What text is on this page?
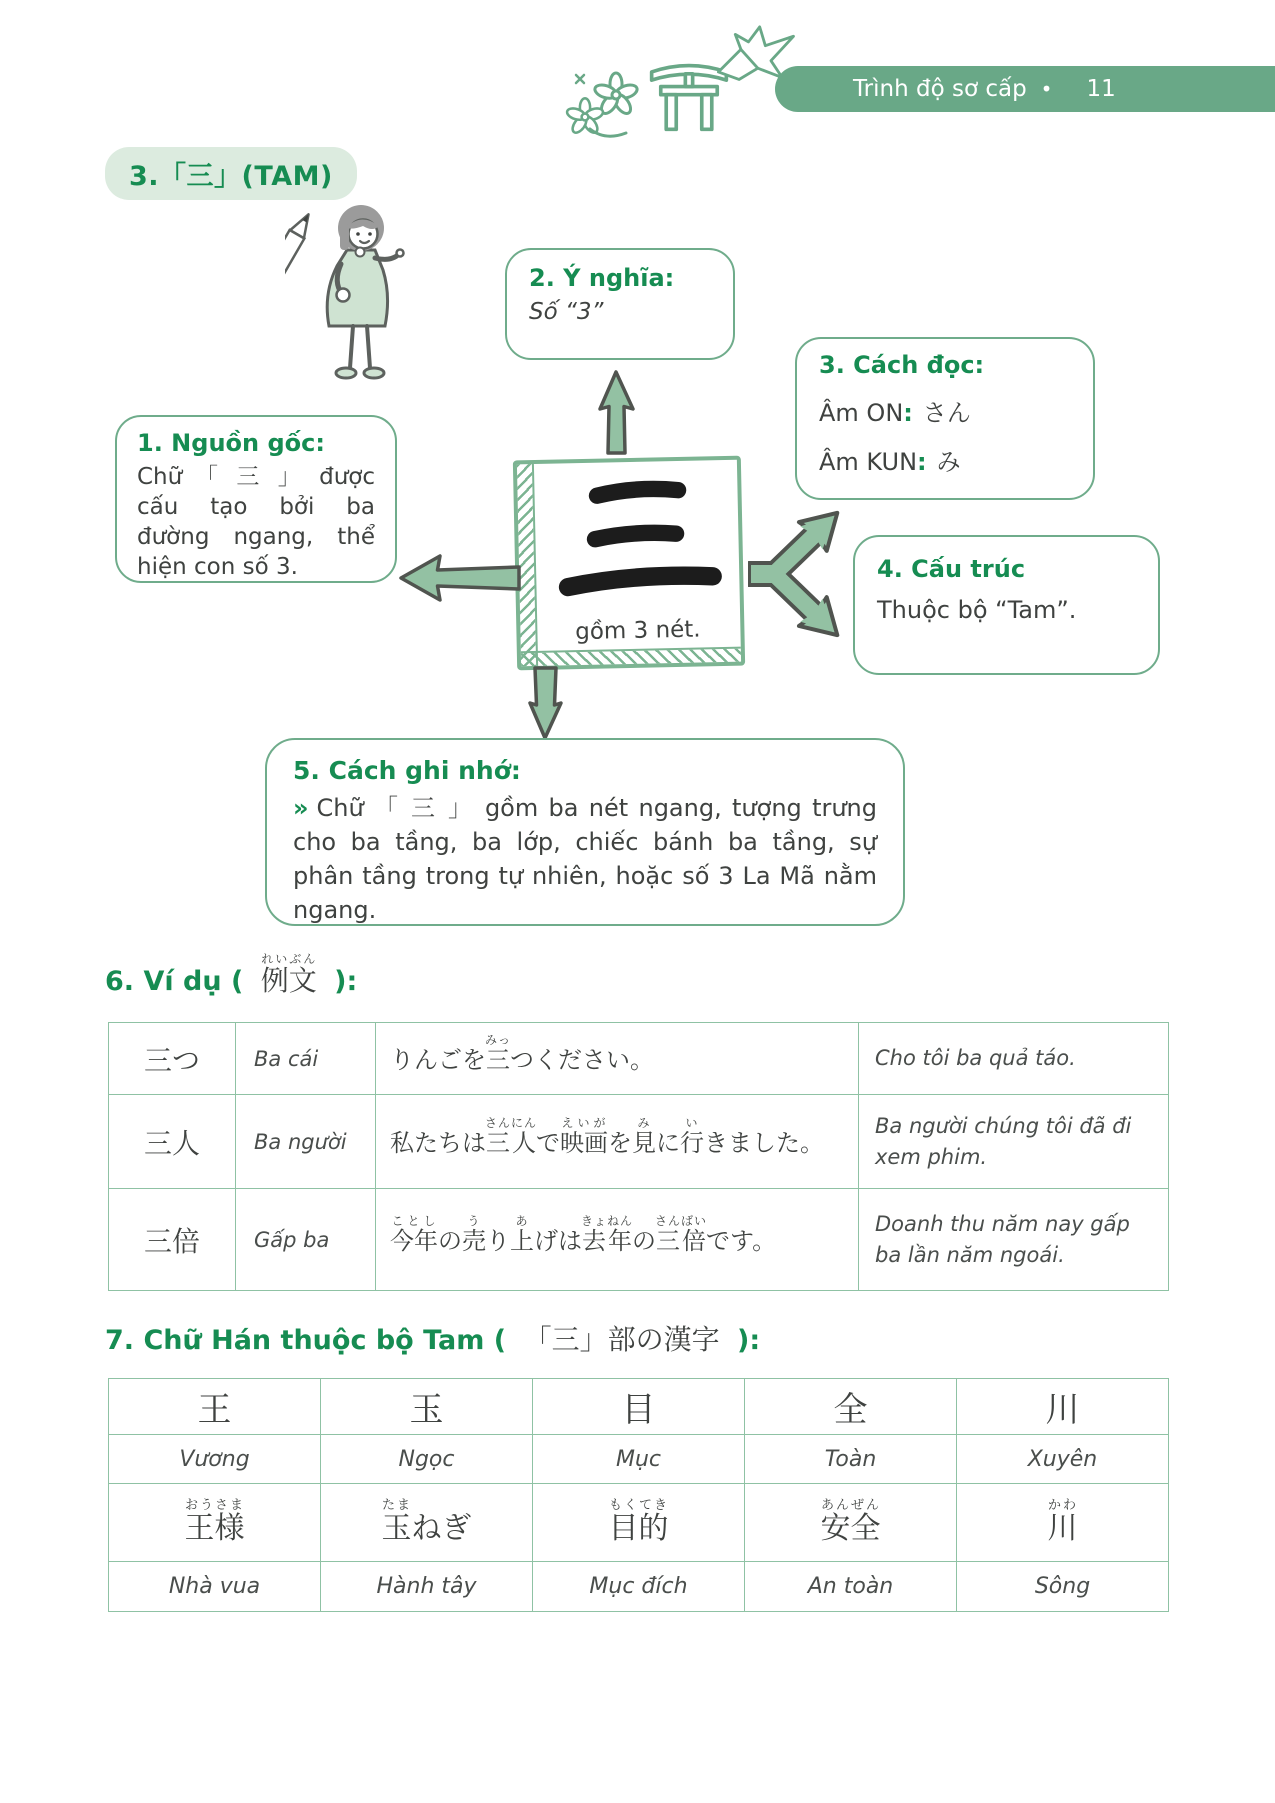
Trình độ sơ cấp • 11
3.「三」(TAM)
2. Ý nghĩa:
Số “3”
3. Cách đọc:
Âm ON: さん
Âm KUN: み
1. Nguồn gốc:
Chữ 「 三 」 được cấu tạo bởi ba đường ngang, thể hiện con số 3.	4. Cấu trúc
Thuộc bộ “Tam”.
gồm 3 nét.
5. Cách ghi nhớ:
» Chữ 「 三 」 gồm ba nét ngang, tượng trưng cho ba tầng, ba lớp, chiếc bánh ba tầng, sự phân tầng trong tự nhiên, hoặc số 3 La Mã nằm ngang.
6. Ví dụ ( 例文れいぶん ):
三つ	Ba cái	りんごを三みっつください。	Cho tôi ba quả táo.
三人	Ba người	私たちは三人さんにんで映画えいがを見みに行いきました。	Ba người chúng tôi đã đi xem phim.
三倍	Gấp ba	今年ことしの売うり上あげは去年きょねんの三倍さんばいです。	Doanh thu năm nay gấp ba lần năm ngoái.
7. Chữ Hán thuộc bộ Tam ( 「三」部の漢字 ):
王	玉	目	全	川
Vương	Ngọc	Mục	Toàn	Xuyên
王様おうさま	玉たまねぎ	目的もくてき	安全あんぜん	川かわ
Nhà vua	Hành tây	Mục đích	An toàn	Sông
